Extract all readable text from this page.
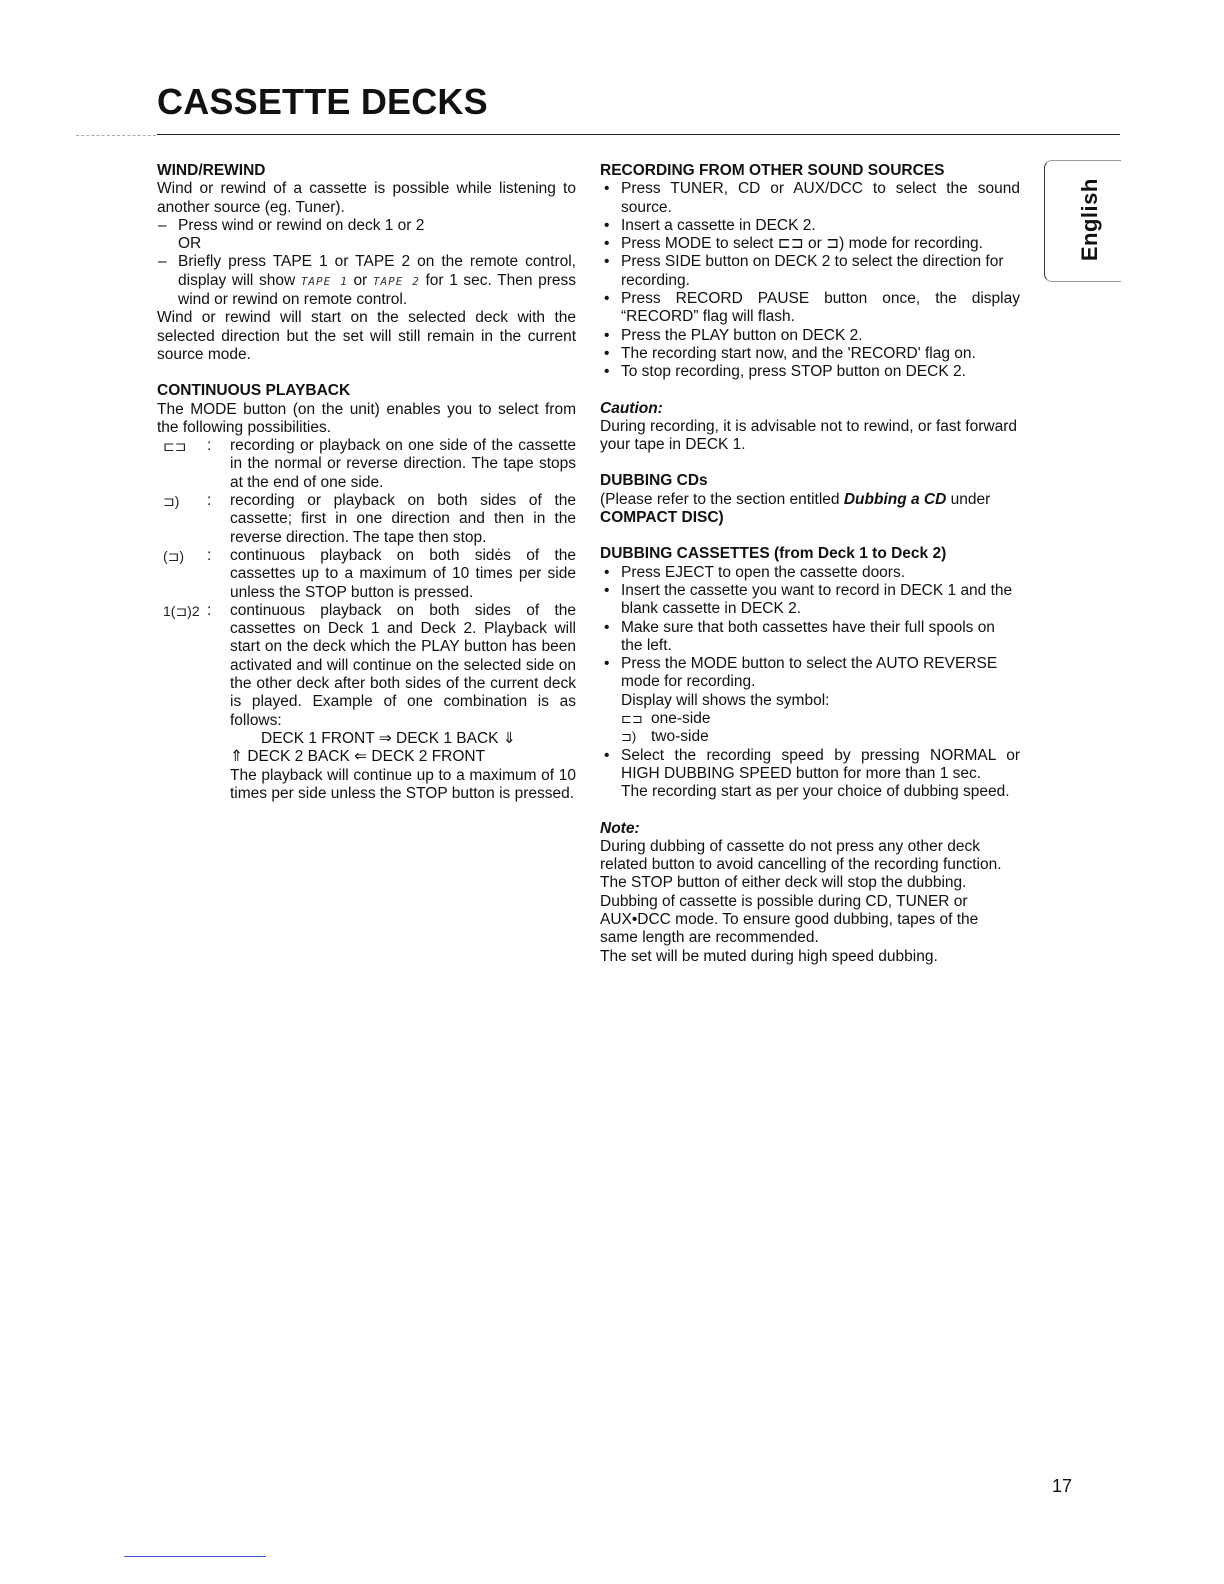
CASSETTE DECKS
WIND/REWIND

Wind or rewind of a cassette is possible while listening to another source (eg. Tuner).

– Press wind or rewind on deck 1 or 2
OR
– Briefly press TAPE 1 or TAPE 2 on the remote control, display will show TAPE 1 or TAPE 2 for 1 sec. Then press wind or rewind on remote control.

Wind or rewind will start on the selected deck with the selected direction but the set will still remain in the current source mode.

CONTINUOUS PLAYBACK

The MODE button (on the unit) enables you to select from the following possibilities.

⊏⊐	:	recording or playback on one side of the cassette in the normal or reverse direction. The tape stops at the end of one side.
⊐)	:	recording or playback on both sides of the cassette; first in one direction and then in the reverse direction. The tape then stop.
(⊐)	:	continuous playback on both sidės of the cassettes up to a maximum of 10 times per side unless the STOP button is pressed.
1(⊐)2 :	continuous playback on both sides of the cassettes on Deck 1 and Deck 2. Playback will start on the deck which the PLAY button has been activated and will continue on the selected side on the other deck after both sides of the current deck is played. Example of one combination is as follows:
DECK 1 FRONT ⇒ DECK 1 BACK ⇓
⇑ DECK 2 BACK ⇐ DECK 2 FRONT
The playback will continue up to a maximum of 10 times per side unless the STOP button is pressed.
RECORDING FROM OTHER SOUND SOURCES
• Press TUNER, CD or AUX/DCC to select the sound source.
• Insert a cassette in DECK 2.
• Press MODE to select ⊏⊐ or ⊐) mode for recording.
• Press SIDE button on DECK 2 to select the direction for recording.
• Press RECORD PAUSE button once, the display “RECORD” flag will flash.
• Press the PLAY button on DECK 2.
• The recording start now, and the 'RECORD' flag on.
• To stop recording, press STOP button on DECK 2.

Caution:

During recording, it is advisable not to rewind, or fast forward your tape in DECK 1.

DUBBING CDs

(Please refer to the section entitled Dubbing a CD under
COMPACT DISC)

DUBBING CASSETTES (from Deck 1 to Deck 2)
• Press EJECT to open the cassette doors.
• Insert the cassette you want to record in DECK 1 and the blank cassette in DECK 2.
• Make sure that both cassettes have their full spools on the left.
• Press the MODE button to select the AUTO REVERSE mode for recording.
Display will shows the symbol:
⊏⊐ one-side
⊐) two-side
• Select the recording speed by pressing NORMAL or HIGH DUBBING SPEED button for more than 1 sec.
The recording start as per your choice of dubbing speed.

Note:

During dubbing of cassette do not press any other deck related button to avoid cancelling of the recording function.

The STOP button of either deck will stop the dubbing.

Dubbing of cassette is possible during CD, TUNER or AUX•DCC mode. To ensure good dubbing, tapes of the same length are recommended.

The set will be muted during high speed dubbing.

English
17
